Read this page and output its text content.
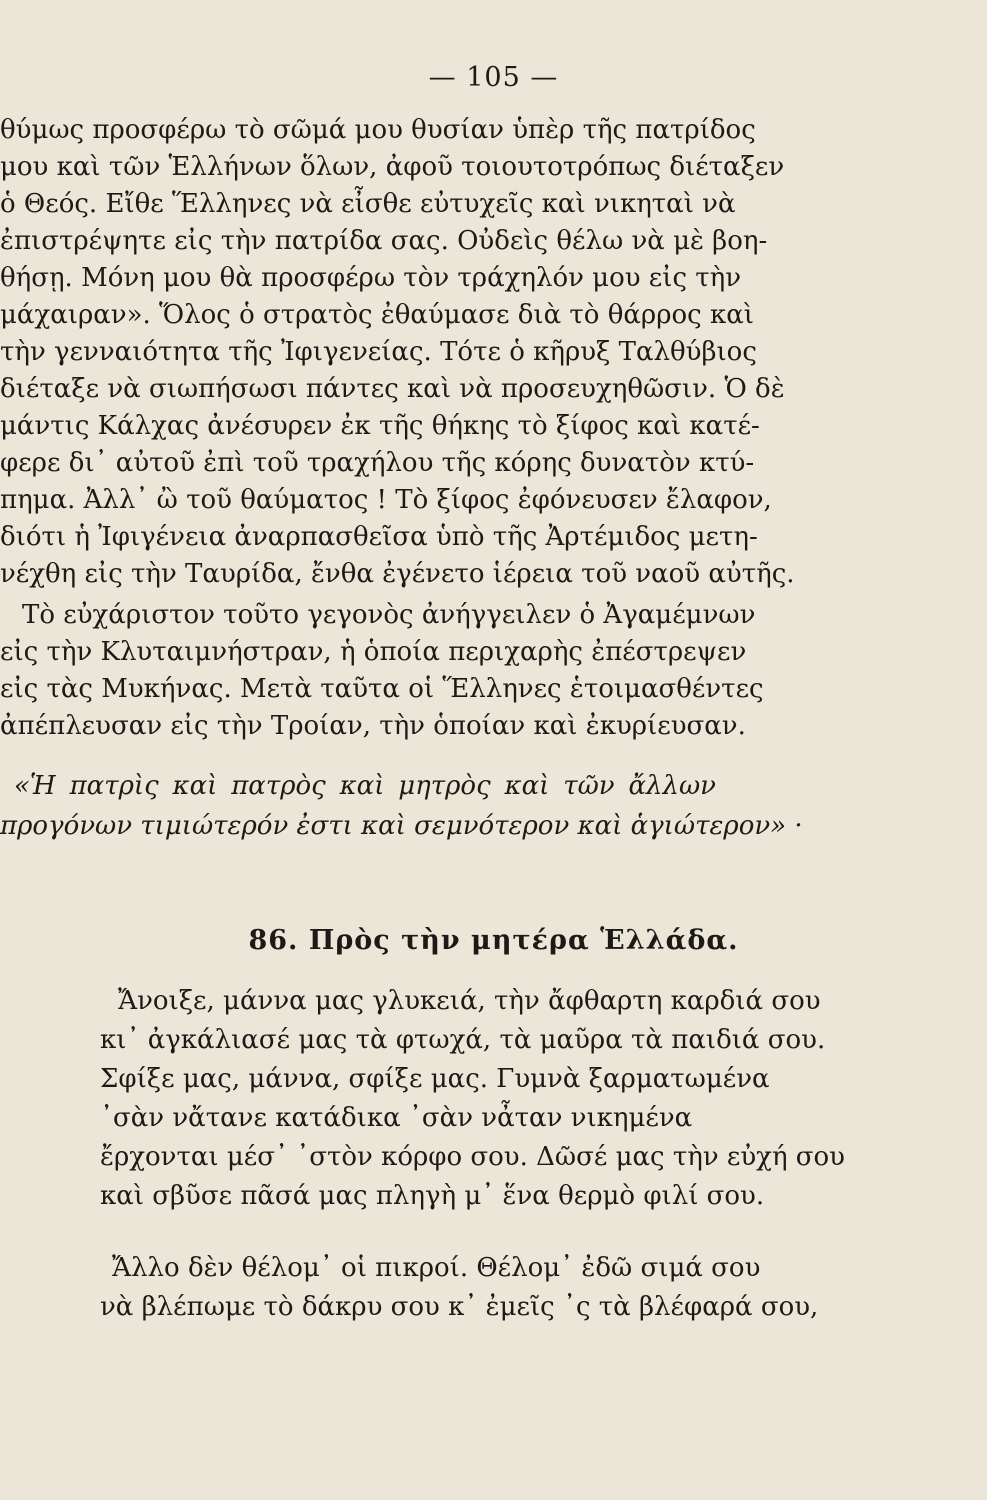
— 105 —
θύμως προσφέρω τὸ σῶμά μου θυσίαν ὑπὲρ τῆς πατρίδος
μου καὶ τῶν Ἑλλήνων ὅλων, ἀφοῦ τοιουτοτρόπως διέταξεν
ὁ Θεός. Εἴθε Ἕλληνες νὰ εἶσθε εὐτυχεῖς καὶ νικηταὶ νὰ
ἐπιστρέψητε εἰς τὴν πατρίδα σας. Οὐδεὶς θέλω νὰ μὲ βοη-
θήσῃ. Μόνη μου θὰ προσφέρω τὸν τράχηλόν μου εἰς τὴν
μάχαιραν». Ὅλος ὁ στρατὸς ἐθαύμασε διὰ τὸ θάρρος καὶ
τὴν γενναιότητα τῆς Ἰφιγενείας. Τότε ὁ κῆρυξ Ταλθύβιος
διέταξε νὰ σιωπήσωσι πάντες καὶ νὰ προσευχηθῶσιν. Ὁ δὲ
μάντις Κάλχας ἀνέσυρεν ἐκ τῆς θήκης τὸ ξίφος καὶ κατέ-
φερε δι᾽ αὐτοῦ ἐπὶ τοῦ τραχήλου τῆς κόρης δυνατὸν κτύ-
πημα. Ἀλλ᾽ ὢ τοῦ θαύματος ! Τὸ ξίφος ἐφόνευσεν ἔλαφον,
διότι ἡ Ἰφιγένεια ἀναρπασθεῖσα ὑπὸ τῆς Ἀρτέμιδος μετη-
νέχθη εἰς τὴν Ταυρίδα, ἔνθα ἐγένετο ἱέρεια τοῦ ναοῦ αὐτῆς.
Τὸ εὐχάριστον τοῦτο γεγονὸς ἀνήγγειλεν ὁ Ἀγαμέμνων
εἰς τὴν Κλυταιμνήστραν, ἡ ὁποία περιχαρὴς ἐπέστρεψεν
εἰς τὰς Μυκήνας. Μετὰ ταῦτα οἱ Ἕλληνες ἑτοιμασθέντες
ἀπέπλευσαν εἰς τὴν Τροίαν, τὴν ὁποίαν καὶ ἐκυρίευσαν.
«Ἡ πατρὶς καὶ πατρὸς καὶ μητρὸς καὶ τῶν ἄλλων
προγόνων τιμιώτερόν ἐστι καὶ σεμνότερον καὶ ἁγιώτερον» ·
86. Πρὸς τὴν μητέρα Ἑλλάδα.
Ἄνοιξε, μάννα μας γλυκειά, τὴν ἄφθαρτη καρδιά σου
κι᾽ ἀγκάλιασέ μας τὰ φτωχά, τὰ μαῦρα τὰ παιδιά σου.
Σφίξε μας, μάννα, σφίξε μας. Γυμνὰ ξαρματωμένα
᾽σὰν νἄτανε κατάδικα ᾽σὰν νἆταν νικημένα
ἔρχονται μέσ᾽ ᾽στὸν κόρφο σου. Δῶσέ μας τὴν εὐχή σου
καὶ σβῦσε πᾶσά μας πληγὴ μ᾽ ἕνα θερμὸ φιλί σου.
Ἄλλο δὲν θέλομ᾽ οἱ πικροί. Θέλομ᾽ ἐδῶ σιμά σου
νὰ βλέπωμε τὸ δάκρυ σου κ᾽ ἐμεῖς ᾽ς τὰ βλέφαρά σου,
